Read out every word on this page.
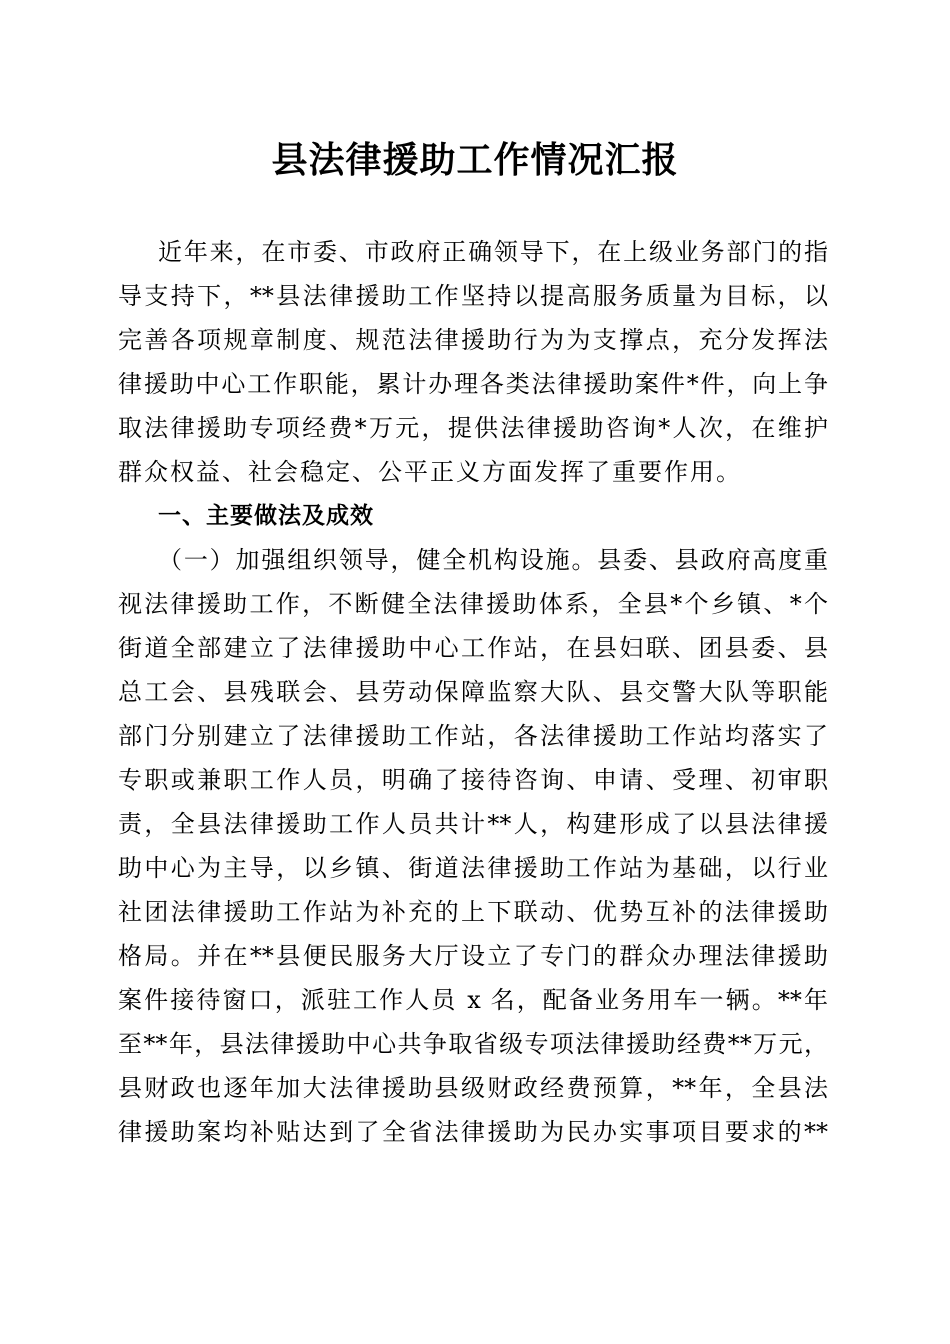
县法律援助工作情况汇报
近年来，在市委、市政府正确领导下，在上级业务部门的指
导支持下，**县法律援助工作坚持以提高服务质量为目标，以
完善各项规章制度、规范法律援助行为为支撑点，充分发挥法
律援助中心工作职能，累计办理各类法律援助案件*件，向上争
取法律援助专项经费*万元，提供法律援助咨询*人次，在维护
群众权益、社会稳定、公平正义方面发挥了重要作用。
一、主要做法及成效
（一）加强组织领导，健全机构设施。县委、县政府高度重
视法律援助工作，不断健全法律援助体系，全县*个乡镇、*个
街道全部建立了法律援助中心工作站，在县妇联、团县委、县
总工会、县残联会、县劳动保障监察大队、县交警大队等职能
部门分别建立了法律援助工作站，各法律援助工作站均落实了
专职或兼职工作人员，明确了接待咨询、申请、受理、初审职
责，全县法律援助工作人员共计**人，构建形成了以县法律援
助中心为主导，以乡镇、街道法律援助工作站为基础，以行业
社团法律援助工作站为补充的上下联动、优势互补的法律援助
格局。并在**县便民服务大厅设立了专门的群众办理法律援助
案件接待窗口，派驻工作人员 x 名，配备业务用车一辆。**年
至**年，县法律援助中心共争取省级专项法律援助经费**万元，
县财政也逐年加大法律援助县级财政经费预算，**年，全县法
律援助案均补贴达到了全省法律援助为民办实事项目要求的**
